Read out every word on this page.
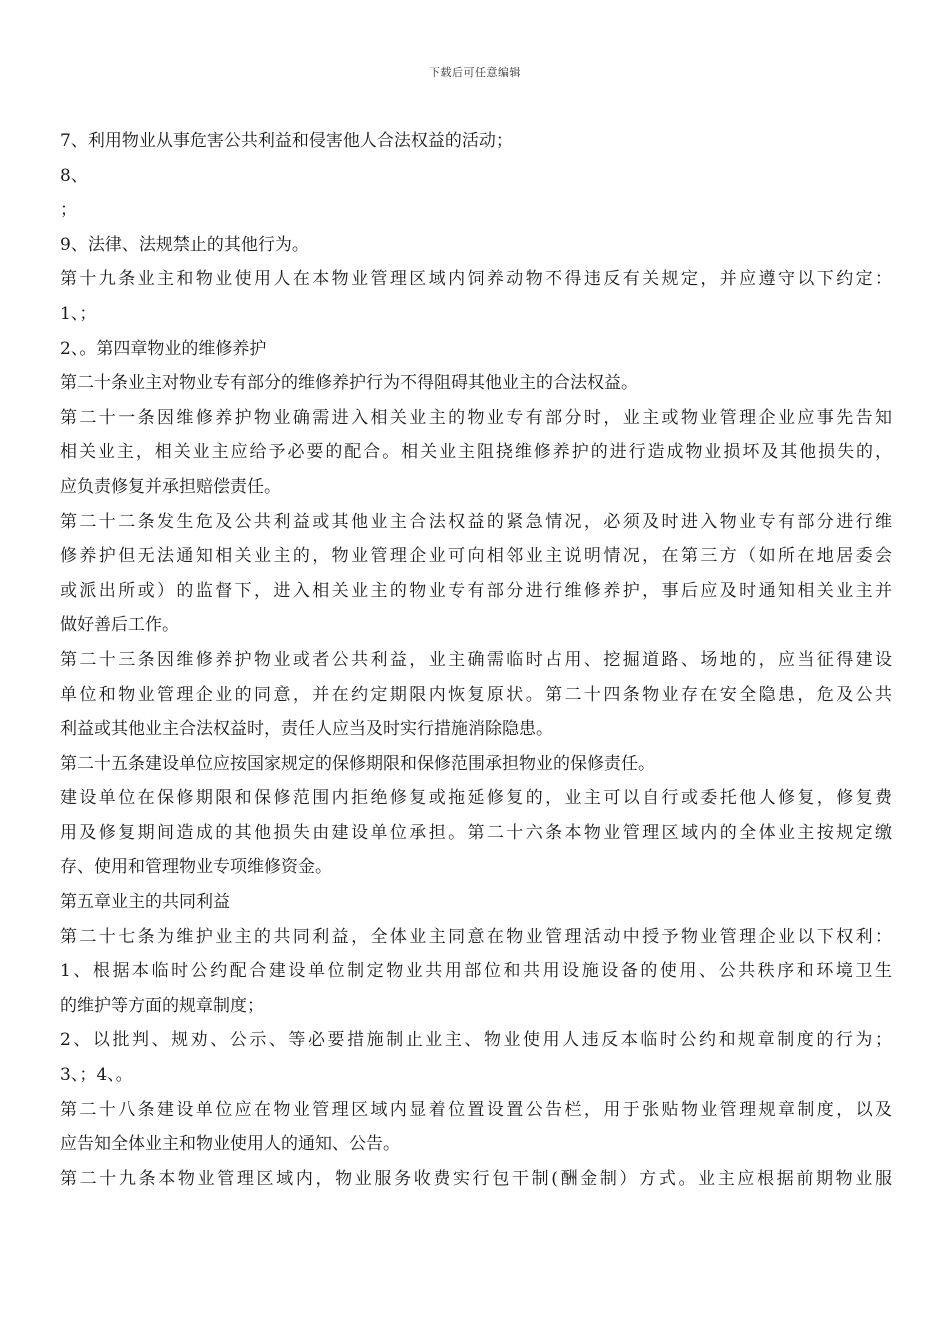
下载后可任意编辑
7、利用物业从事危害公共利益和侵害他人合法权益的活动；
8、
；
9、法律、法规禁止的其他行为。
第十九条业主和物业使用人在本物业管理区域内饲养动物不得违反有关规定，并应遵守以下约定：
1、；
2、。第四章物业的维修养护
第二十条业主对物业专有部分的维修养护行为不得阻碍其他业主的合法权益。
第二十一条因维修养护物业确需进入相关业主的物业专有部分时，业主或物业管理企业应事先告知
相关业主，相关业主应给予必要的配合。相关业主阻挠维修养护的进行造成物业损坏及其他损失的，
应负责修复并承担赔偿责任。
第二十二条发生危及公共利益或其他业主合法权益的紧急情况，必须及时进入物业专有部分进行维
修养护但无法通知相关业主的，物业管理企业可向相邻业主说明情况，在第三方（如所在地居委会
或派出所或）的监督下，进入相关业主的物业专有部分进行维修养护，事后应及时通知相关业主并
做好善后工作。
第二十三条因维修养护物业或者公共利益，业主确需临时占用、挖掘道路、场地的，应当征得建设
单位和物业管理企业的同意，并在约定期限内恢复原状。第二十四条物业存在安全隐患，危及公共
利益或其他业主合法权益时，责任人应当及时实行措施消除隐患。
第二十五条建设单位应按国家规定的保修期限和保修范围承担物业的保修责任。
建设单位在保修期限和保修范围内拒绝修复或拖延修复的，业主可以自行或委托他人修复，修复费
用及修复期间造成的其他损失由建设单位承担。第二十六条本物业管理区域内的全体业主按规定缴
存、使用和管理物业专项维修资金。
第五章业主的共同利益
第二十七条为维护业主的共同利益，全体业主同意在物业管理活动中授予物业管理企业以下权利：
1、根据本临时公约配合建设单位制定物业共用部位和共用设施设备的使用、公共秩序和环境卫生
的维护等方面的规章制度；
2、以批判、规劝、公示、等必要措施制止业主、物业使用人违反本临时公约和规章制度的行为；
3、；4、。
第二十八条建设单位应在物业管理区域内显着位置设置公告栏，用于张贴物业管理规章制度，以及
应告知全体业主和物业使用人的通知、公告。
第二十九条本物业管理区域内，物业服务收费实行包干制(酬金制）方式。业主应根据前期物业服
